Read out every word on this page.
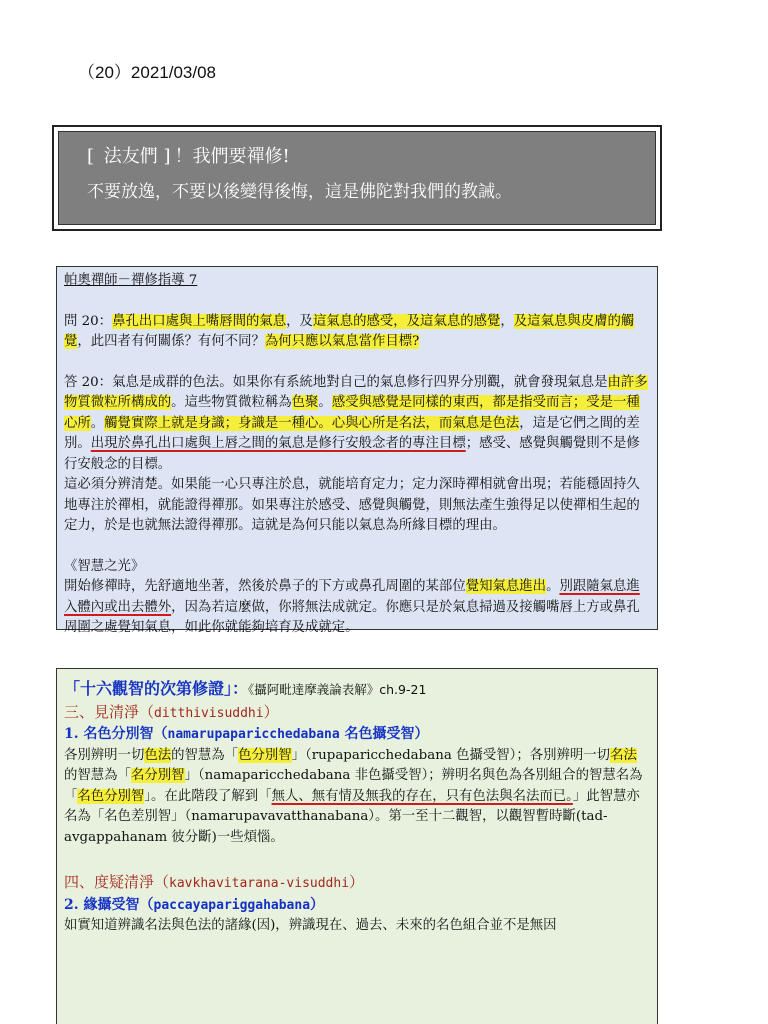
（20）2021/03/08
[ 法友們 ]！我們要禪修!
不要放逸，不要以後變得後悔，這是佛陀對我們的教誡。

帕奧禪師－禪修指導 7

問 20：鼻孔出口處與上嘴唇間的氣息，及這氣息的感受，及這氣息的感覺，及這氣息與皮膚的觸覺，此四者有何關係？有何不同？為何只應以氣息當作目標?

答 20：氣息是成群的色法。如果你有系統地對自己的氣息修行四界分別觀，就會發現氣息是由許多物質微粒所構成的。這些物質微粒稱為色聚。感受與感覺是同樣的東西，都是指受而言；受是一種心所。觸覺實際上就是身識；身識是一種心。心與心所是名法，而氣息是色法，這是它們之間的差別。出現於鼻孔出口處與上唇之間的氣息是修行安般念者的專注目標；感受、感覺與觸覺則不是修行安般念的目標。

這必須分辨清楚。如果能一心只專注於息，就能培育定力；定力深時禪相就會出現；若能穩固持久地專注於禪相，就能證得禪那。如果專注於感受、感覺與觸覺，則無法產生強得足以使禪相生起的定力，於是也就無法證得禪那。這就是為何只能以氣息為所緣目標的理由。

《智慧之光》

開始修禪時，先舒適地坐著，然後於鼻子的下方或鼻孔周圍的某部位覺知氣息進出。別跟隨氣息進入體內或出去體外，因為若這麼做，你將無法成就定。你應只是於氣息掃過及接觸嘴唇上方或鼻孔周圍之處覺知氣息，如此你就能夠培育及成就定。

「十六觀智的次第修證」：《攝阿毗達摩義論表解》ch.9-21

三、見清淨（ditthivisuddhi）

1. 名色分別智（namarupaparicchedabana 名色攝受智）

各別辨明一切色法的智慧為「色分別智」（rupaparicchedabana 色攝受智）；各別辨明一切名法的智慧為「名分別智」（namaparicchedabana 非色攝受智）；辨明名與色為各別組合的智慧名為「名色分別智」。在此階段了解到「無人、無有情及無我的存在，只有色法與名法而已。」此智慧亦名為「名色差別智」（namarupavavatthanabana）。第一至十二觀智，以觀智暫時斷(tad-avgappahanam 彼分斷)一些煩惱。

四、度疑清淨（kavkhavitarana-visuddhi）

2. 緣攝受智（paccayapariggahabana）

如實知道辨識名法與色法的諸緣(因)，辨識現在、過去、未來的名色組合並不是無因
